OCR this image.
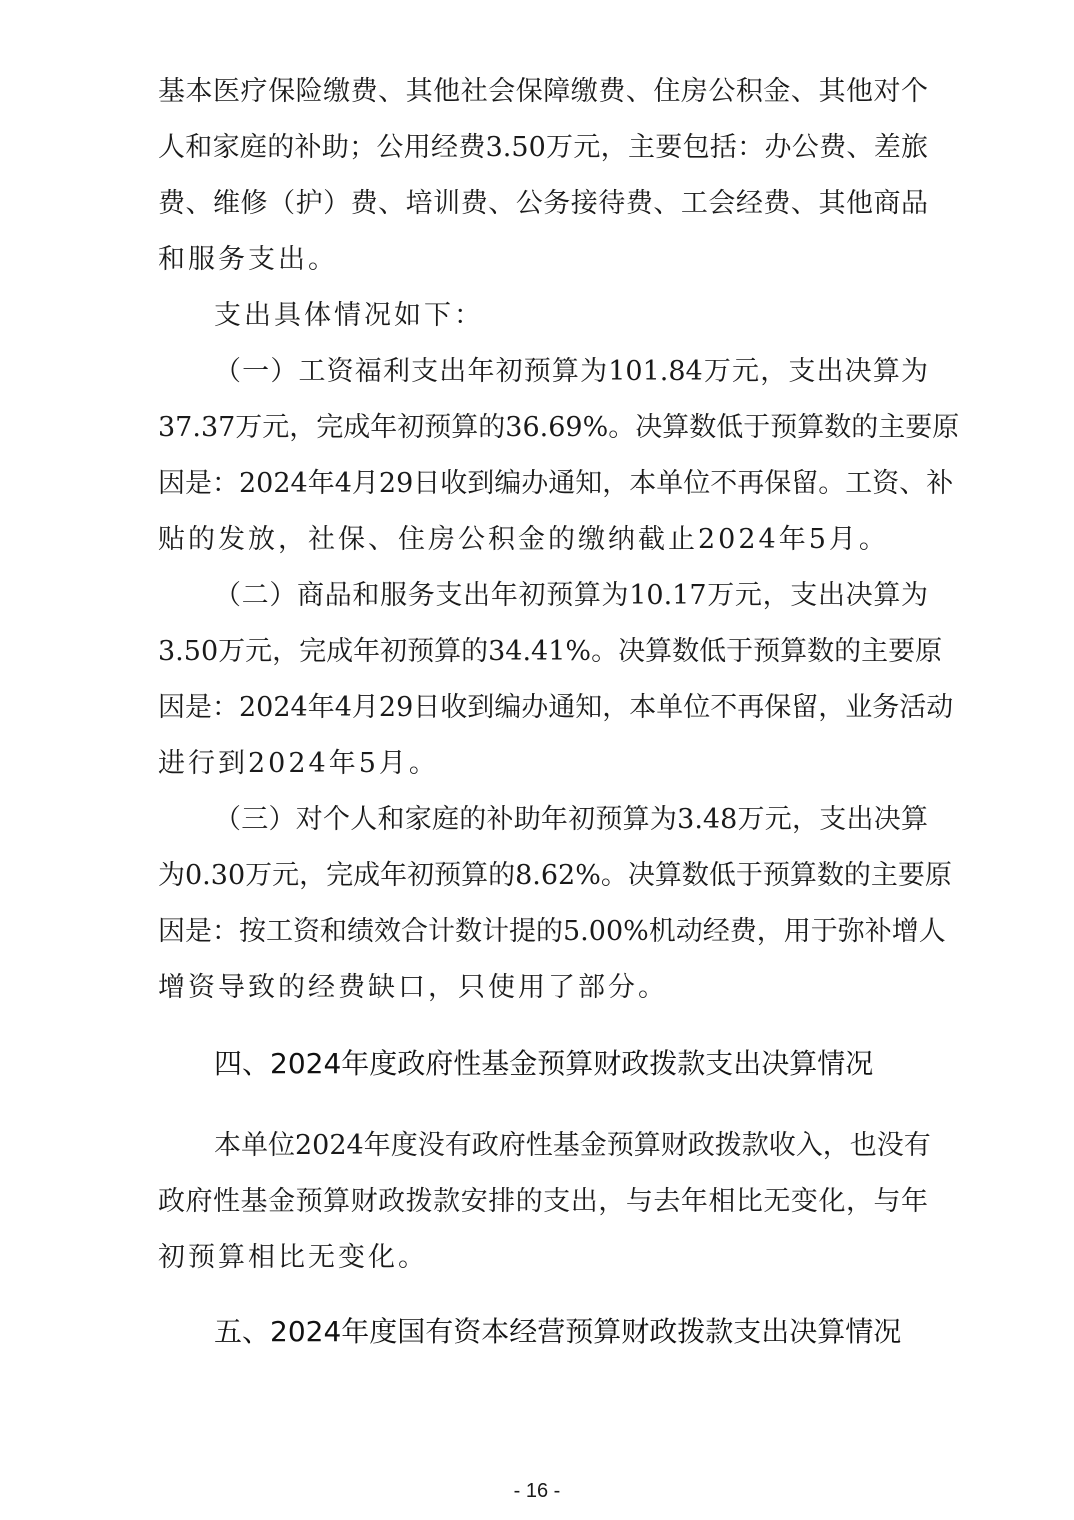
基本医疗保险缴费、其他社会保障缴费、住房公积金、其他对个
人和家庭的补助；公用经费3.50万元，主要包括：办公费、差旅
费、维修（护）费、培训费、公务接待费、工会经费、其他商品
和服务支出。
支出具体情况如下：
（一）工资福利支出年初预算为101.84万元，支出决算为
37.37万元，完成年初预算的36.69%。决算数低于预算数的主要原
因是：2024年4月29日收到编办通知，本单位不再保留。工资、补
贴的发放，社保、住房公积金的缴纳截止2024年5月。
（二）商品和服务支出年初预算为10.17万元，支出决算为
3.50万元，完成年初预算的34.41%。决算数低于预算数的主要原
因是：2024年4月29日收到编办通知，本单位不再保留，业务活动
进行到2024年5月。
（三）对个人和家庭的补助年初预算为3.48万元，支出决算
为0.30万元，完成年初预算的8.62%。决算数低于预算数的主要原
因是：按工资和绩效合计数计提的5.00%机动经费，用于弥补增人
增资导致的经费缺口，只使用了部分。
四、2024年度政府性基金预算财政拨款支出决算情况
本单位2024年度没有政府性基金预算财政拨款收入，也没有
政府性基金预算财政拨款安排的支出，与去年相比无变化，与年
初预算相比无变化。
五、2024年度国有资本经营预算财政拨款支出决算情况
- 16 -
